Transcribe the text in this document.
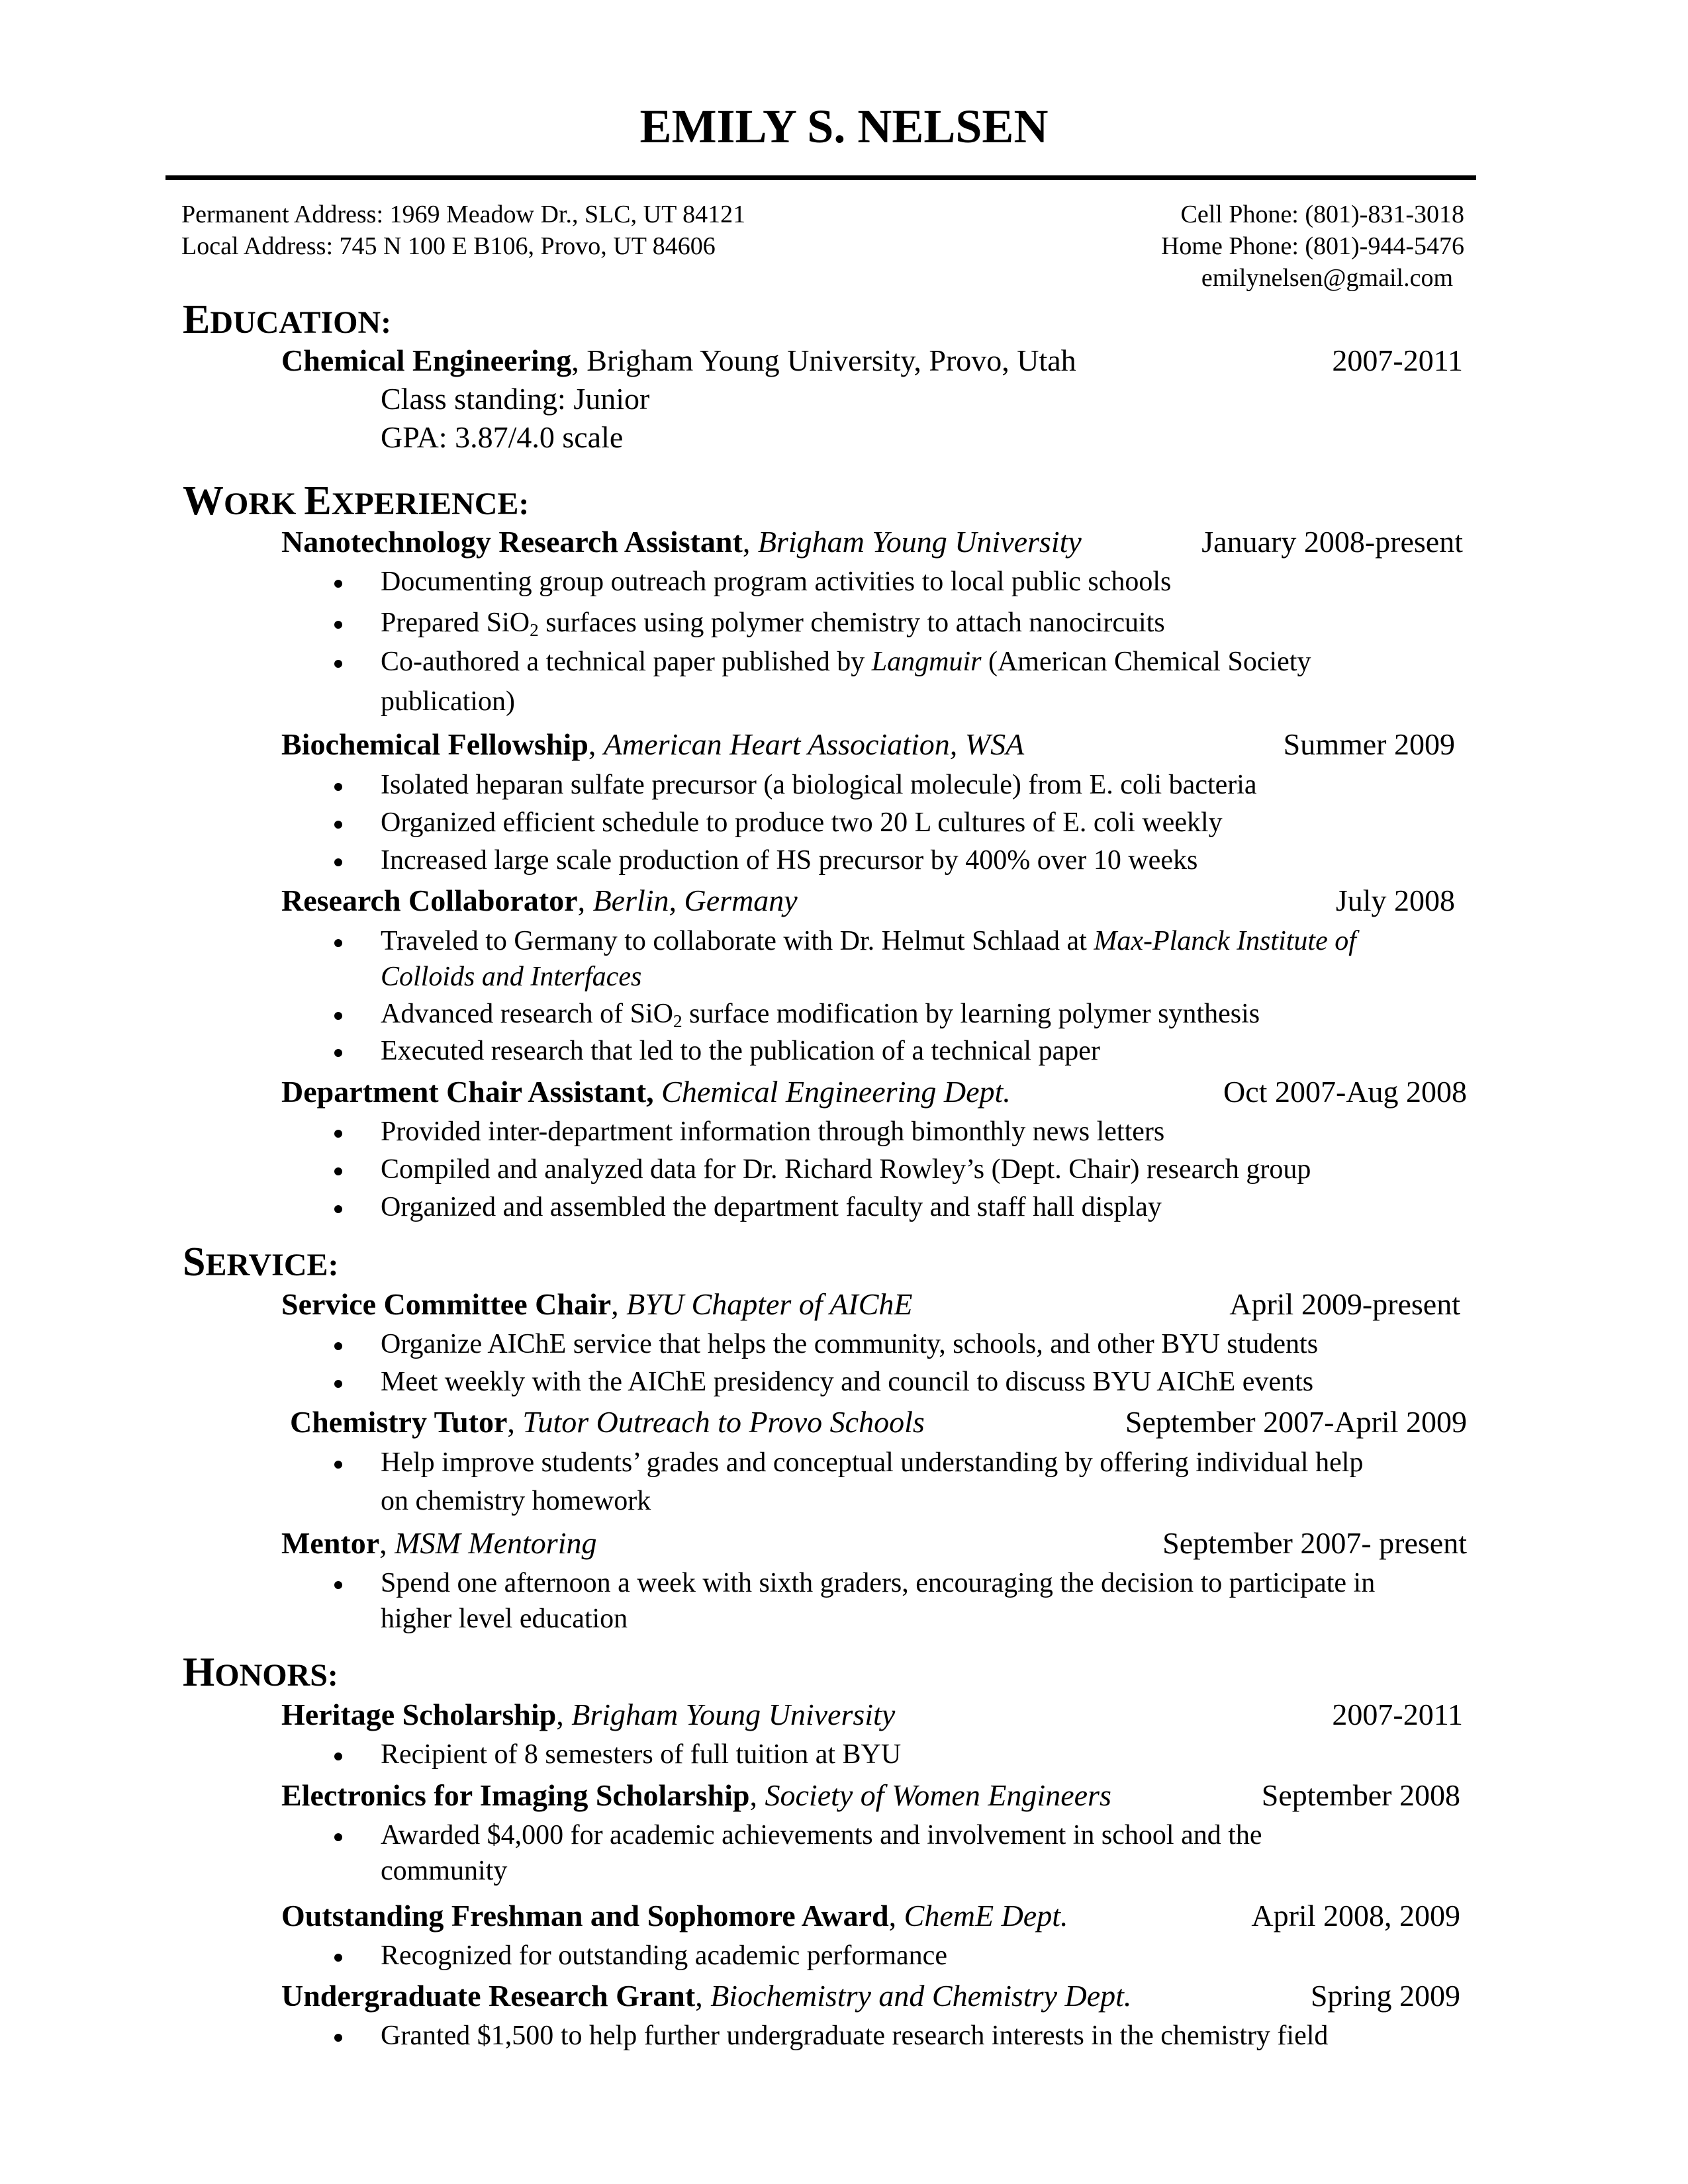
EMILY S. NELSEN
Permanent Address: 1969 Meadow Dr., SLC, UT 84121
Local Address: 745 N 100 E B106, Provo, UT 84606
Cell Phone: (801)-831-3018
Home Phone: (801)-944-5476
emilynelsen@gmail.com
EDUCATION:
Chemical Engineering, Brigham Young University, Provo, Utah	2007-2011
Class standing: Junior
GPA: 3.87/4.0 scale
WORK EXPERIENCE:
Nanotechnology Research Assistant, Brigham Young University	January 2008-present
Documenting group outreach program activities to local public schools
Prepared SiO$_2$ surfaces using polymer chemistry to attach nanocircuits
Co-authored a technical paper published by Langmuir (American Chemical Society
publication)
Biochemical Fellowship, American Heart Association, WSA	Summer 2009
Isolated heparan sulfate precursor (a biological molecule) from E. coli bacteria
Organized efficient schedule to produce two 20 L cultures of E. coli weekly
Increased large scale production of HS precursor by 400% over 10 weeks
Research Collaborator, Berlin, Germany	July 2008
Traveled to Germany to collaborate with Dr. Helmut Schlaad at Max-Planck Institute of
Colloids and Interfaces
Advanced research of SiO$_2$ surface modification by learning polymer synthesis
Executed research that led to the publication of a technical paper
Department Chair Assistant, Chemical Engineering Dept.	Oct 2007-Aug 2008
Provided inter-department information through bimonthly news letters
Compiled and analyzed data for Dr. Richard Rowley’s (Dept. Chair) research group
Organized and assembled the department faculty and staff hall display
SERVICE:
Service Committee Chair, BYU Chapter of AIChE	April 2009-present
Organize AIChE service that helps the community, schools, and other BYU students
Meet weekly with the AIChE presidency and council to discuss BYU AIChE events
Chemistry Tutor, Tutor Outreach to Provo Schools	September 2007-April 2009
Help improve students’ grades and conceptual understanding by offering individual help
on chemistry homework
Mentor, MSM Mentoring	September 2007- present
Spend one afternoon a week with sixth graders, encouraging the decision to participate in
higher level education
HONORS:
Heritage Scholarship, Brigham Young University	2007-2011
Recipient of 8 semesters of full tuition at BYU
Electronics for Imaging Scholarship, Society of Women Engineers	September 2008
Awarded $4,000 for academic achievements and involvement in school and the
community
Outstanding Freshman and Sophomore Award, ChemE Dept.	April 2008, 2009
Recognized for outstanding academic performance
Undergraduate Research Grant, Biochemistry and Chemistry Dept.	Spring 2009
Granted $1,500 to help further undergraduate research interests in the chemistry field
